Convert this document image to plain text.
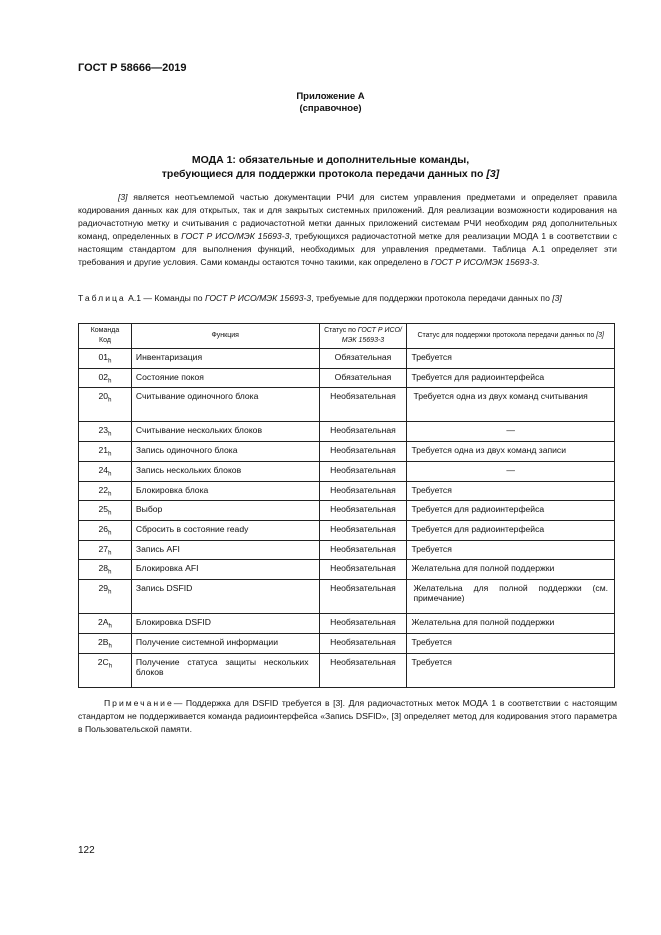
ГОСТ Р 58666—2019
Приложение А
(справочное)
МОДА 1: обязательные и дополнительные команды,
требующиеся для поддержки протокола передачи данных по [3]
[3] является неотъемлемой частью документации РЧИ для систем управления предметами и определяет правила кодирования данных как для открытых, так и для закрытых системных приложений. Для реализации возможности кодирования на радиочастотную метку и считывания с радиочастотной метки данных приложений системам РЧИ необходим ряд дополнительных команд, определенных в ГОСТ Р ИСО/МЭК 15693-3, требующихся радиочастотной метке для реализации МОДА 1 в соответствии с настоящим стандартом для выполнения функций, необходимых для управления предметами. Таблица А.1 определяет эти требования и другие условия. Сами команды остаются точно такими, как определено в ГОСТ Р ИСО/МЭК 15693-3.
Таблица А.1 — Команды по ГОСТ Р ИСО/МЭК 15693-3, требуемые для поддержки протокола передачи данных по [3]
Команда
Код	Функция	Статус по ГОСТ Р ИСО/МЭК 15693-3	Статус для поддержки протокола передачи данных по [3]
$01_h$	Инвентаризация	Обязательная	Требуется
$02_h$	Состояние покоя	Обязательная	Требуется для радиоинтерфейса
$20_h$	Считывание одиночного блока	Необязательная	Требуется одна из двух команд считывания
$23_h$	Считывание нескольких блоков	Необязательная	—
$21_h$	Запись одиночного блока	Необязательная	Требуется одна из двух команд записи
$24_h$	Запись нескольких блоков	Необязательная	—
$22_h$	Блокировка блока	Необязательная	Требуется
$25_h$	Выбор	Необязательная	Требуется для радиоинтерфейса
$26_h$	Сбросить в состояние ready	Необязательная	Требуется для радиоинтерфейса
$27_h$	Запись AFI	Необязательная	Требуется
$28_h$	Блокировка AFI	Необязательная	Желательна для полной поддержки
$29_h$	Запись DSFID	Необязательная	Желательна для полной поддержки (см. примечание)
$2A_h$	Блокировка DSFID	Необязательная	Желательна для полной поддержки
$2B_h$	Получение системной информации	Необязательная	Требуется
$2C_h$	Получение статуса защиты нескольких блоков	Необязательная	Требуется
Примечание— Поддержка для DSFID требуется в [3]. Для радиочастотных меток МОДА 1 в соответствии с настоящим стандартом не поддерживается команда радиоинтерфейса «Запись DSFID», [3] определяет метод для кодирования этого параметра в Пользовательской памяти.
122
